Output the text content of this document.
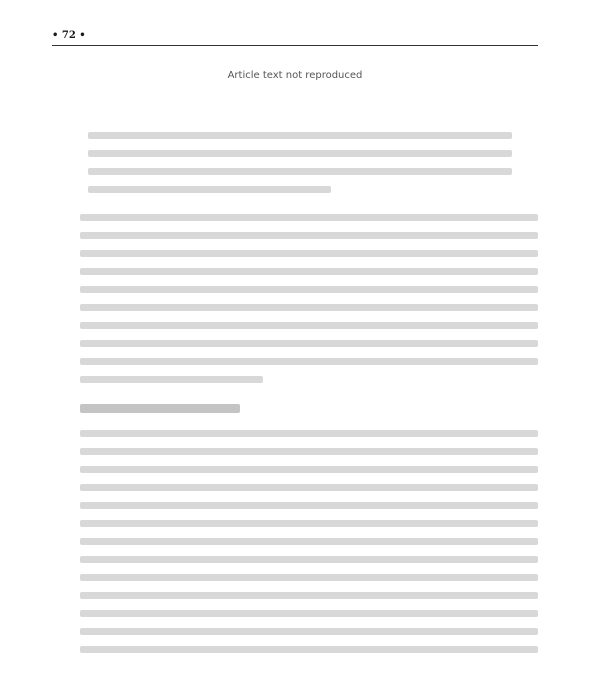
• 72 •
Article text not reproduced
